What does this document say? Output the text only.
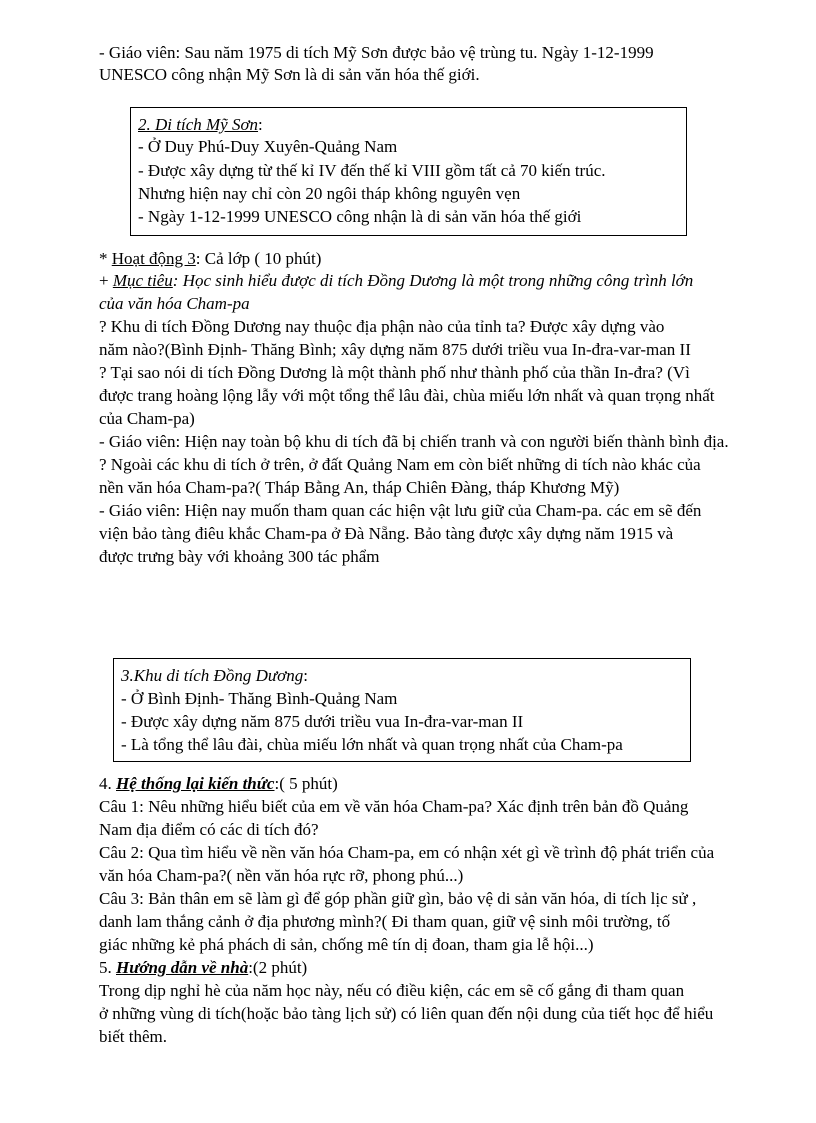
- Giáo viên: Sau năm 1975 di tích Mỹ Sơn được bảo vệ trùng tu. Ngày 1-12-1999
UNESCO công nhận Mỹ Sơn là di sản văn hóa thế giới.
2. Di tích Mỹ Sơn:
- Ở Duy Phú-Duy Xuyên-Quảng Nam
- Được xây dựng từ thế kỉ IV đến thế kỉ VIII gồm tất cả 70 kiến trúc.
Nhưng hiện nay chỉ còn 20 ngôi tháp không nguyên vẹn
- Ngày 1-12-1999 UNESCO công nhận là di sản văn hóa thế giới
* Hoạt động 3: Cả lớp ( 10 phút)
+ Mục tiêu: Học sinh hiểu được di tích Đồng Dương là một trong những công trình lớn
của văn hóa Cham-pa
? Khu di tích Đồng Dương nay thuộc địa phận nào của tỉnh ta? Được xây dựng vào
năm nào?(Bình Định- Thăng Bình; xây dựng năm 875 dưới triều vua In-đra-var-man II
? Tại sao nói di tích Đồng Dương là một thành phố như thành phố của thần In-đra? (Vì
được trang hoàng lộng lẫy với một tổng thể lâu đài, chùa miếu lớn nhất và quan trọng nhất
của Cham-pa)
- Giáo viên: Hiện nay toàn bộ khu di tích đã bị chiến tranh và con người biến thành bình địa.
? Ngoài các khu di tích ở trên, ở đất Quảng Nam em còn biết những di tích nào khác của
nền văn hóa Cham-pa?( Tháp Bằng An, tháp Chiên Đàng, tháp Khương Mỹ)
- Giáo viên: Hiện nay muốn tham quan các hiện vật lưu giữ của Cham-pa. các em sẽ đến
viện bảo tàng điêu khắc Cham-pa ở Đà Nẵng. Bảo tàng được xây dựng năm 1915 và
được trưng bày với khoảng 300 tác phẩm
3.Khu di tích Đồng Dương:
- Ở Bình Định- Thăng Bình-Quảng Nam
- Được xây dựng năm 875 dưới triều vua In-đra-var-man II
- Là tổng thể lâu đài, chùa miếu lớn nhất và quan trọng nhất của Cham-pa
4. Hệ thống lại kiến thức:( 5 phút)
Câu 1: Nêu những hiểu biết của em về văn hóa Cham-pa? Xác định trên bản đồ Quảng
Nam địa điểm có các di tích đó?
Câu 2: Qua tìm hiểu về nền văn hóa Cham-pa, em có nhận xét gì về trình độ phát triển của
văn hóa Cham-pa?( nền văn hóa rực rỡ, phong phú...)
Câu 3: Bản thân em sẽ làm gì để góp phần giữ gìn, bảo vệ di sản văn hóa, di tích lịc sử ,
danh lam thắng cảnh ở địa phương mình?( Đi tham quan, giữ vệ sinh môi trường, tố
giác những kẻ phá phách di sản, chống mê tín dị đoan, tham gia lễ hội...)
5. Hướng dẫn về nhà:(2 phút)
Trong dịp nghỉ hè của năm học này, nếu có điều kiện, các em sẽ cố gắng đi tham quan
ở những vùng di tích(hoặc bảo tàng lịch sử) có liên quan đến nội dung của tiết học để hiểu
biết thêm.
